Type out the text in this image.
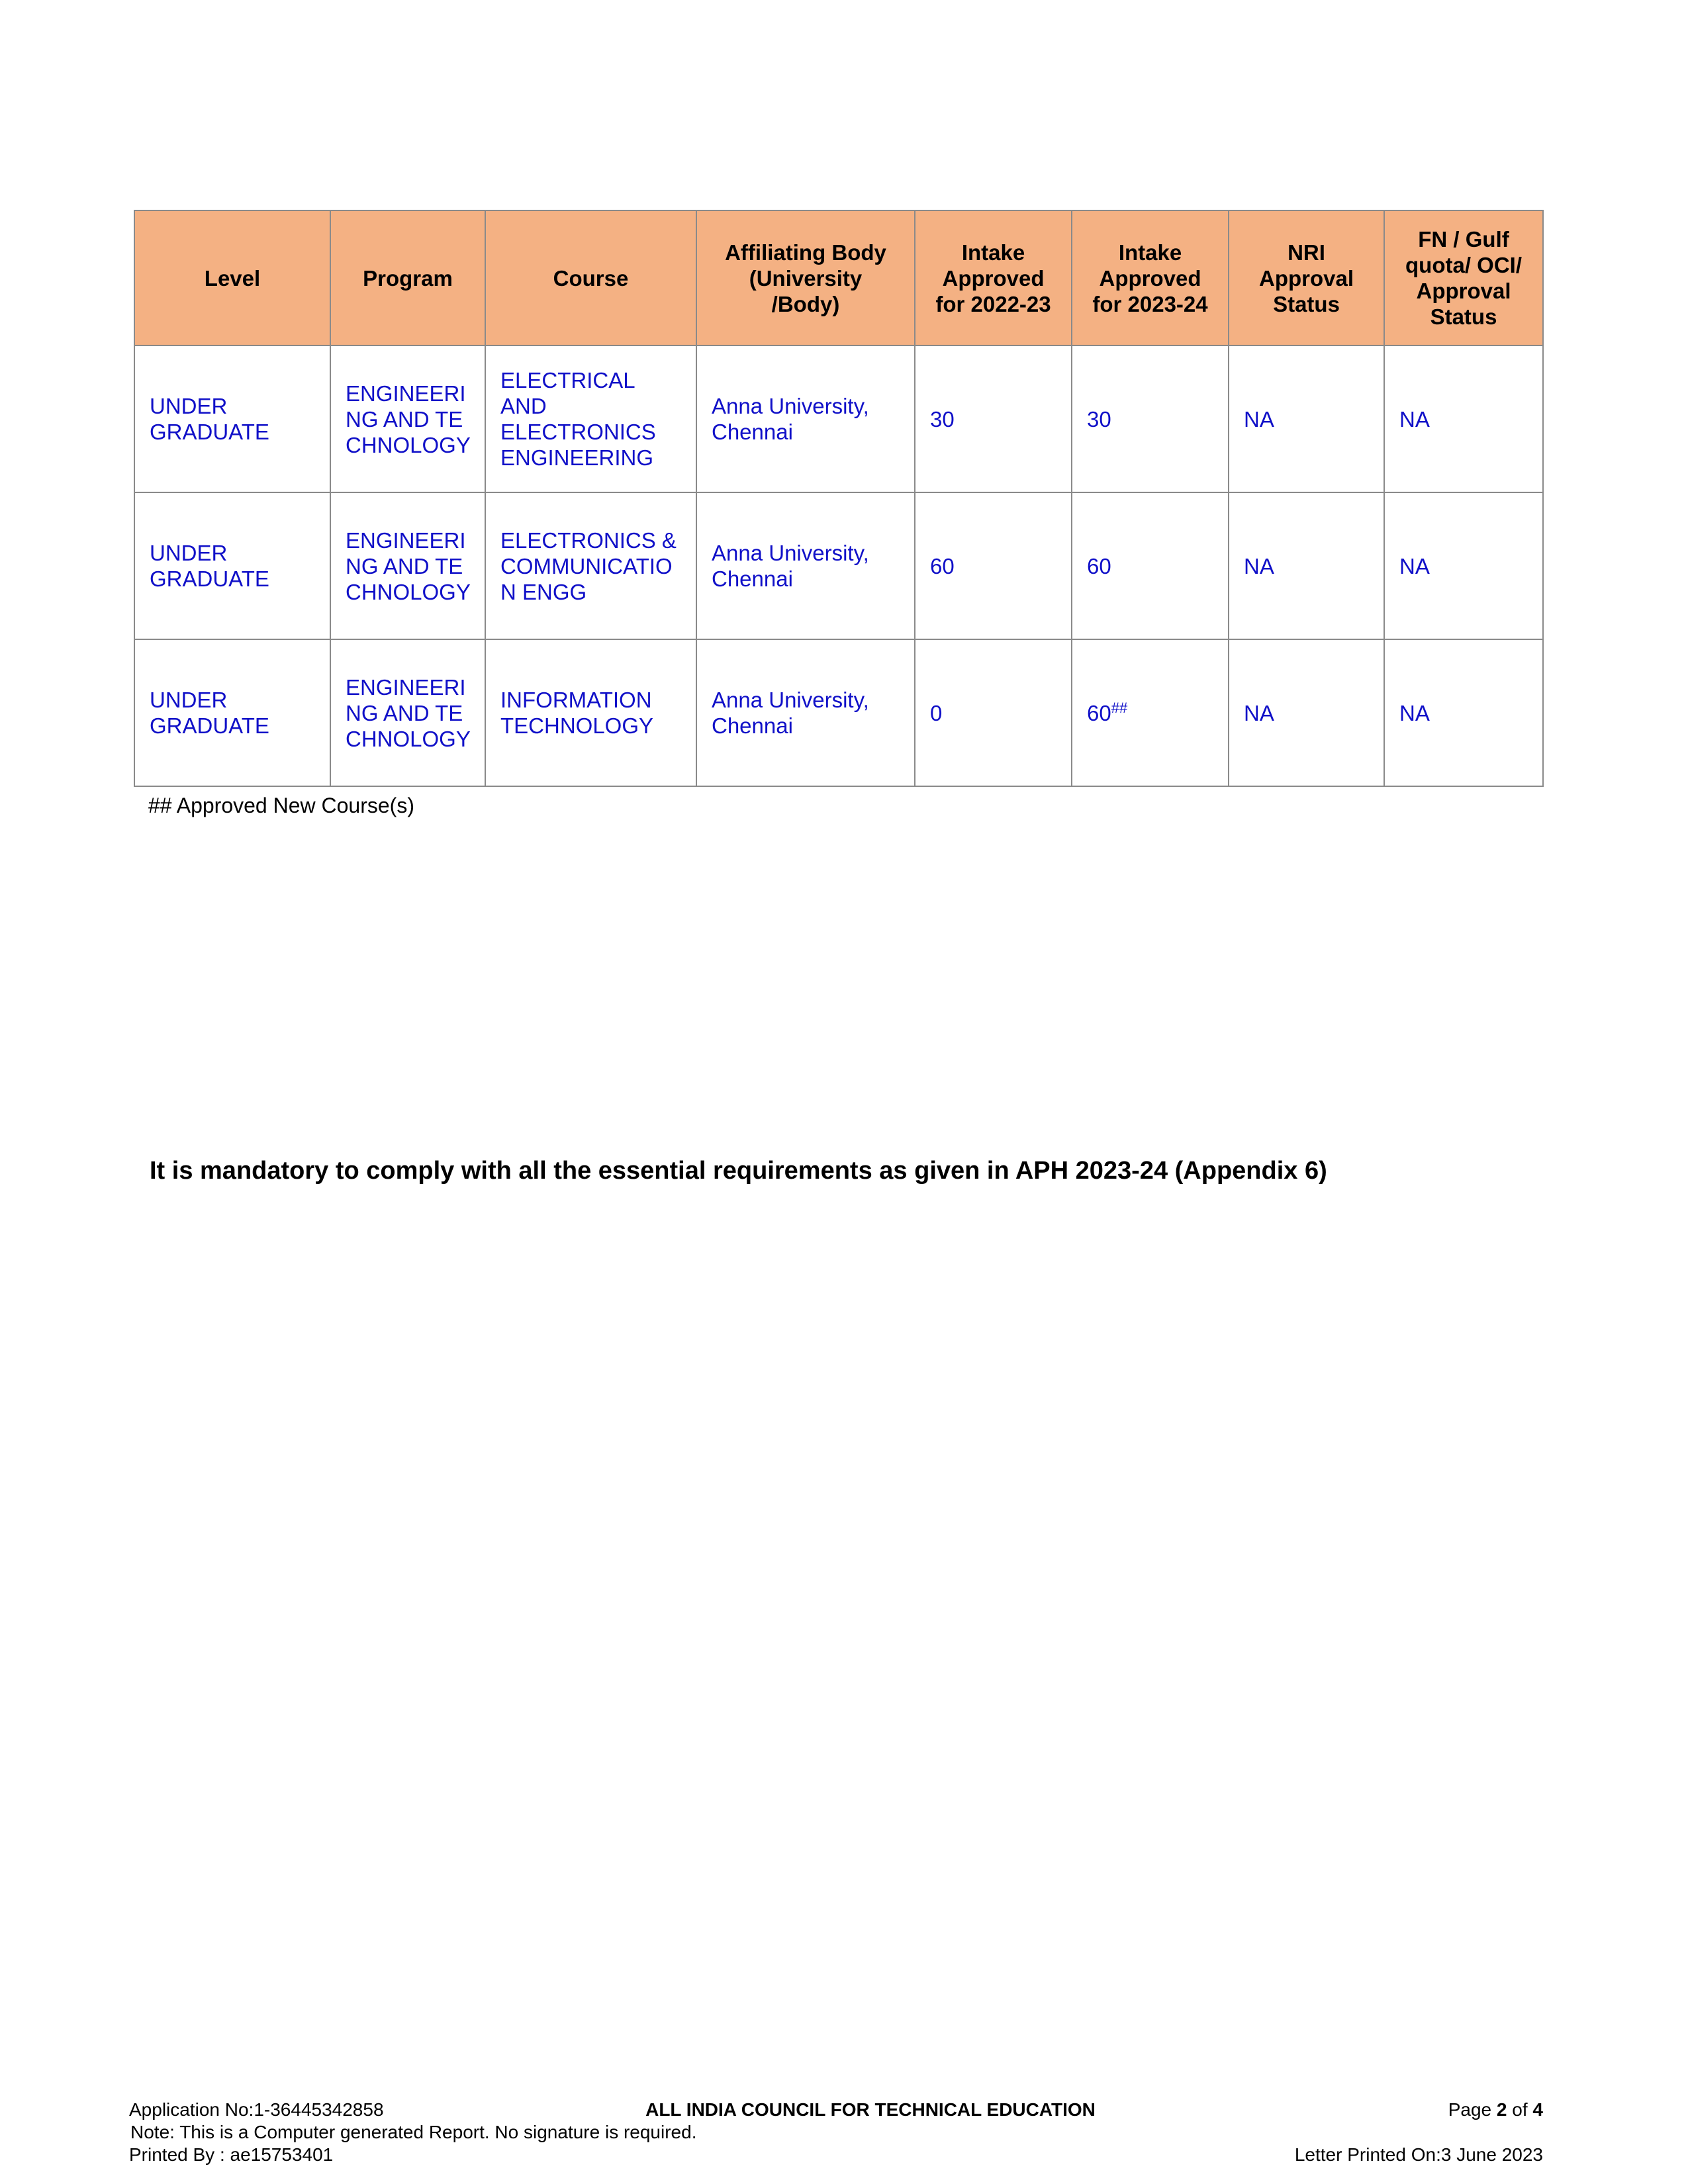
Level	Program	Course	Affiliating Body (University /Body)	Intake Approved for 2022-23	Intake Approved for 2023-24	NRI Approval Status	FN / Gulf quota/ OCI/ Approval Status
UNDER GRADUATE	ENGINEERING AND TECHNOLOGY	ELECTRICAL AND ELECTRONICS ENGINEERING	Anna University, Chennai	30	30	NA	NA
UNDER GRADUATE	ENGINEERING AND TECHNOLOGY	ELECTRONICS & COMMUNICATION ENGG	Anna University, Chennai	60	60	NA	NA
UNDER GRADUATE	ENGINEERING AND TECHNOLOGY	INFORMATION TECHNOLOGY	Anna University, Chennai	0	60##	NA	NA
## Approved New Course(s)
It is mandatory to comply with all the essential requirements as given in APH 2023-24 (Appendix 6)
Application No:1-36445342858	ALL INDIA COUNCIL FOR TECHNICAL EDUCATION	Page 2 of 4
Note: This is a Computer generated Report. No signature is required.
Printed By : ae15753401	Letter Printed On:3 June 2023
